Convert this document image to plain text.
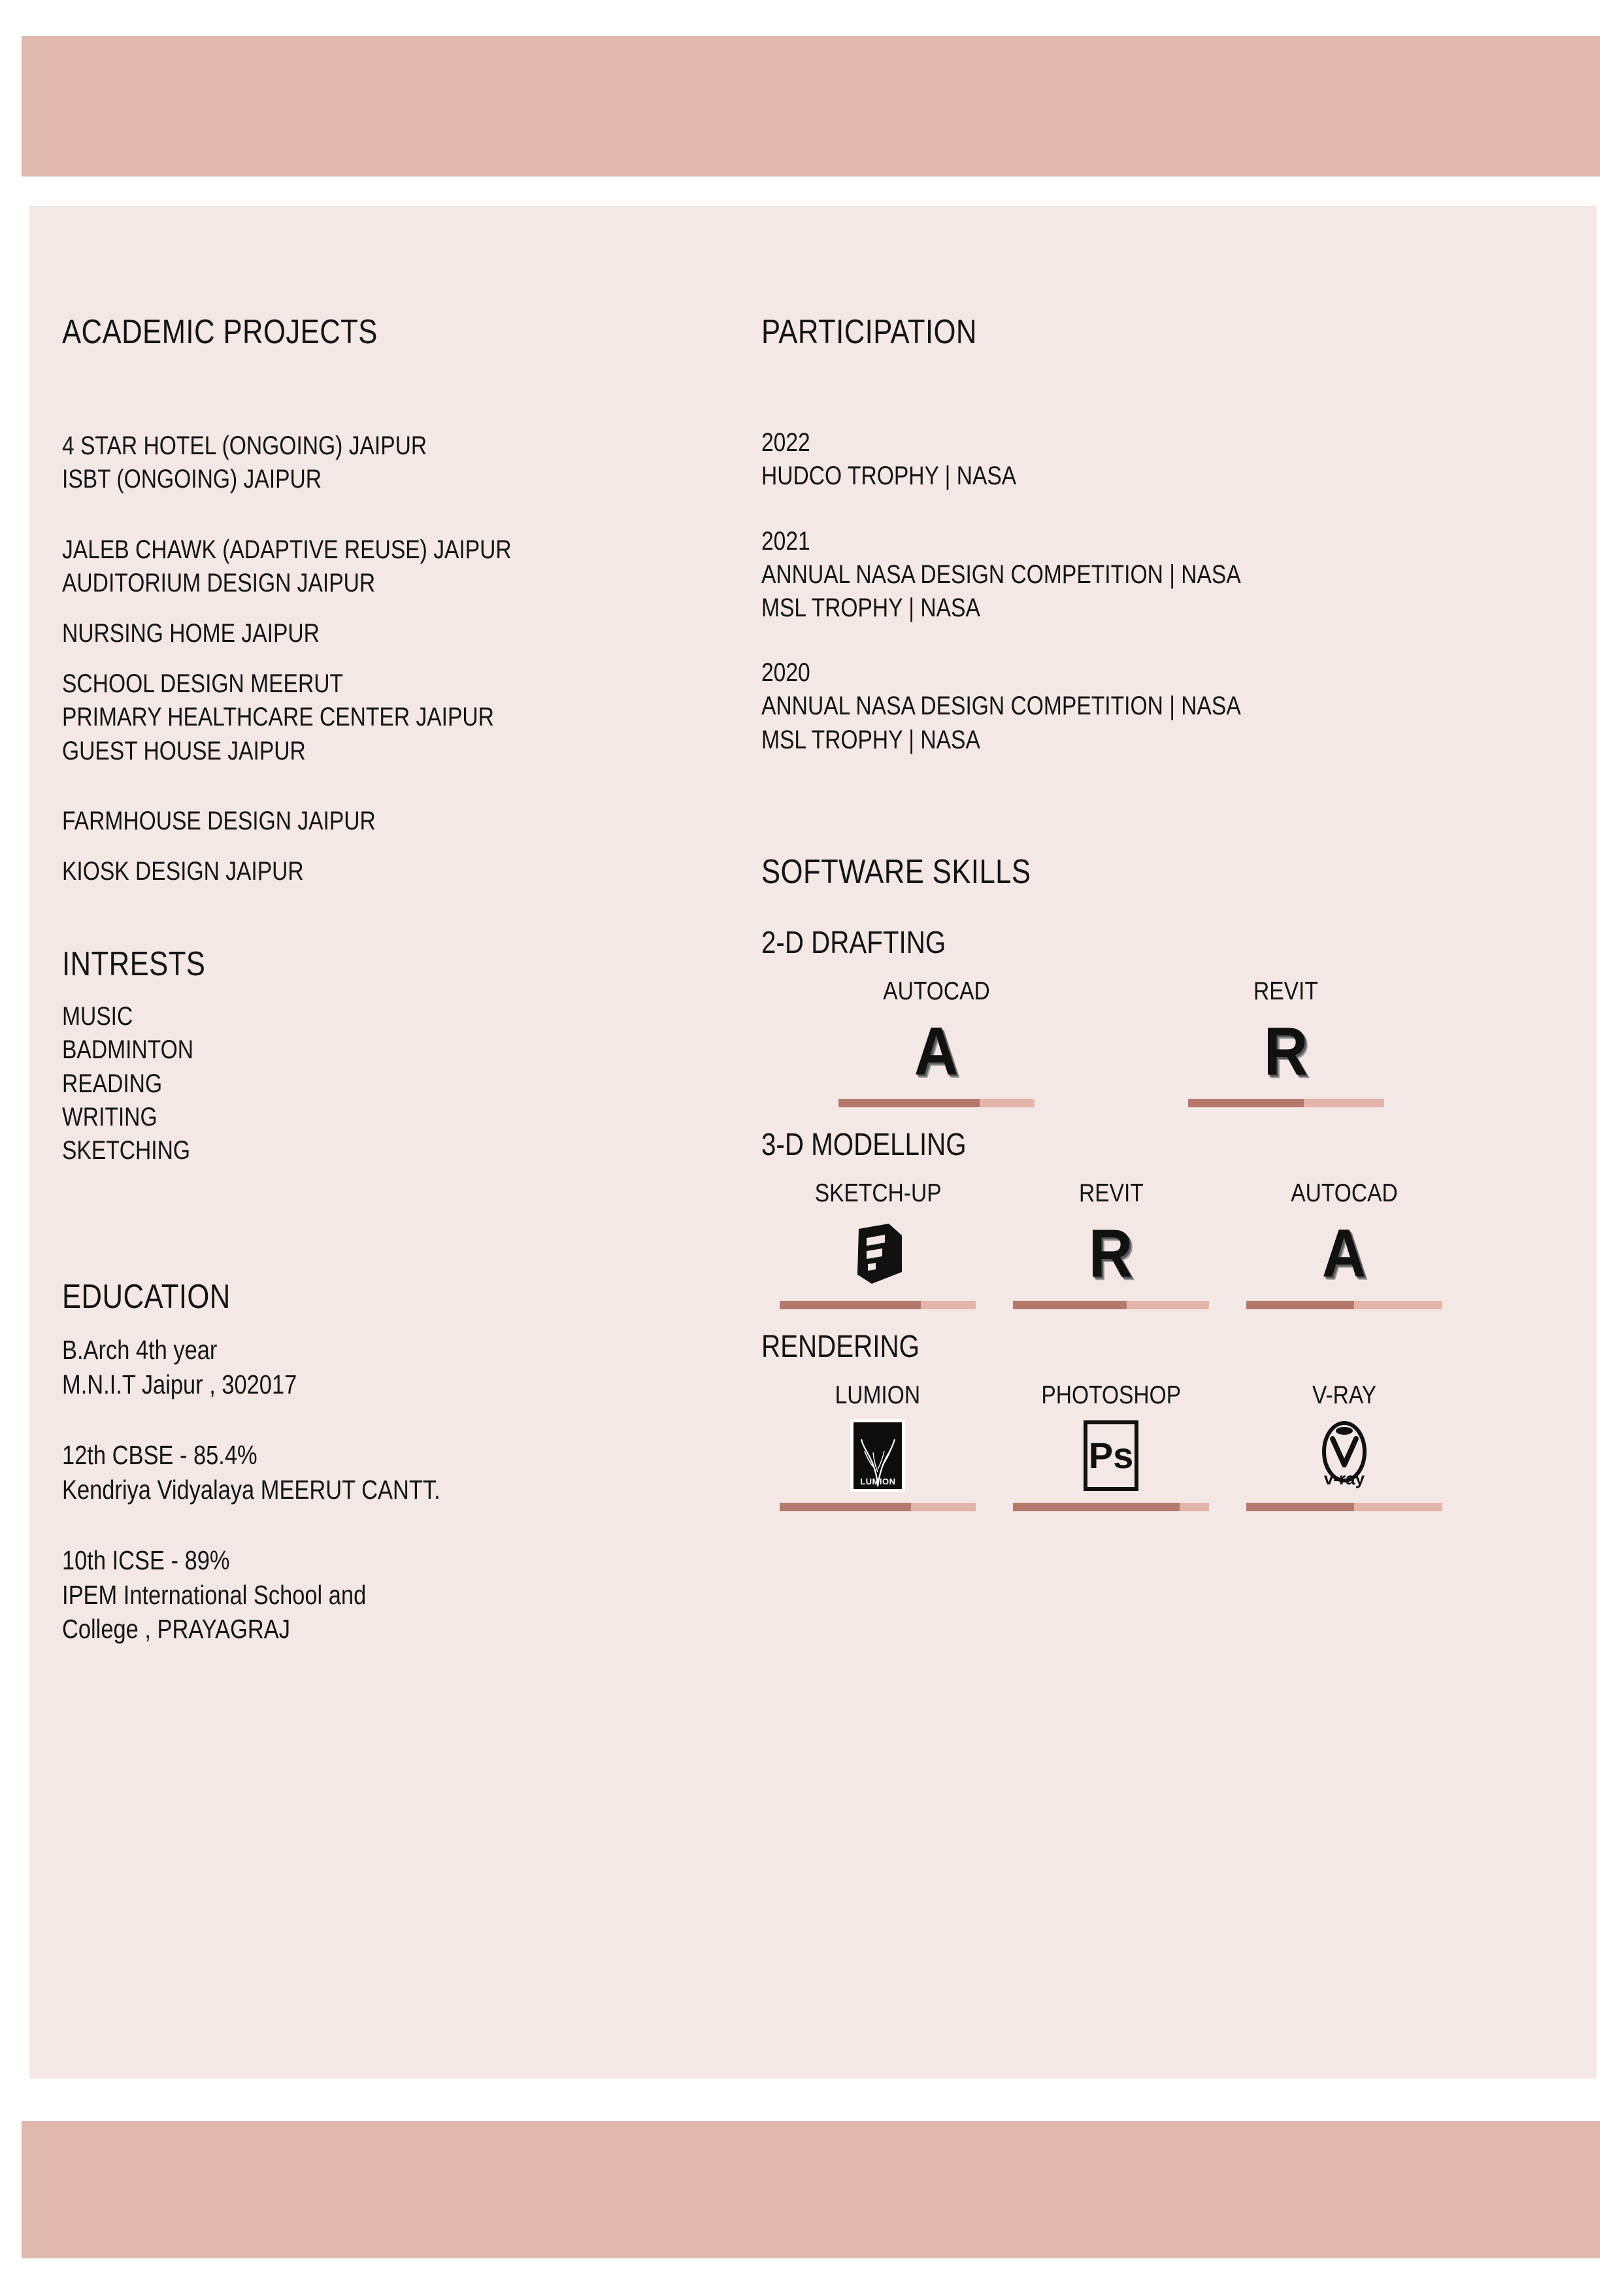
ACADEMIC PROJECTS
4 STAR HOTEL (ONGOING) JAIPUR
ISBT (ONGOING) JAIPUR
JALEB CHAWK (ADAPTIVE REUSE) JAIPUR
AUDITORIUM DESIGN JAIPUR
NURSING HOME JAIPUR
SCHOOL DESIGN MEERUT
PRIMARY HEALTHCARE CENTER JAIPUR
GUEST HOUSE JAIPUR
FARMHOUSE DESIGN JAIPUR
KIOSK DESIGN JAIPUR
INTRESTS
MUSIC
BADMINTON
READING
WRITING
SKETCHING
EDUCATION
B.Arch 4th year
M.N.I.T Jaipur , 302017
12th CBSE - 85.4%
Kendriya Vidyalaya MEERUT CANTT.
10th ICSE - 89%
IPEM International School and
College , PRAYAGRAJ
PARTICIPATION
2022
HUDCO TROPHY | NASA
2021
ANNUAL NASA DESIGN COMPETITION | NASA
MSL TROPHY | NASA
2020
ANNUAL NASA DESIGN COMPETITION | NASA
MSL TROPHY | NASA
SOFTWARE SKILLS
2-D DRAFTING
AUTOCAD
A
REVIT
R
3-D MODELLING
SKETCH-UP	REVIT
R
AUTOCAD
A
RENDERING
LUMION
LUMION
PHOTOSHOP
Ps
V-RAY
v-ray
